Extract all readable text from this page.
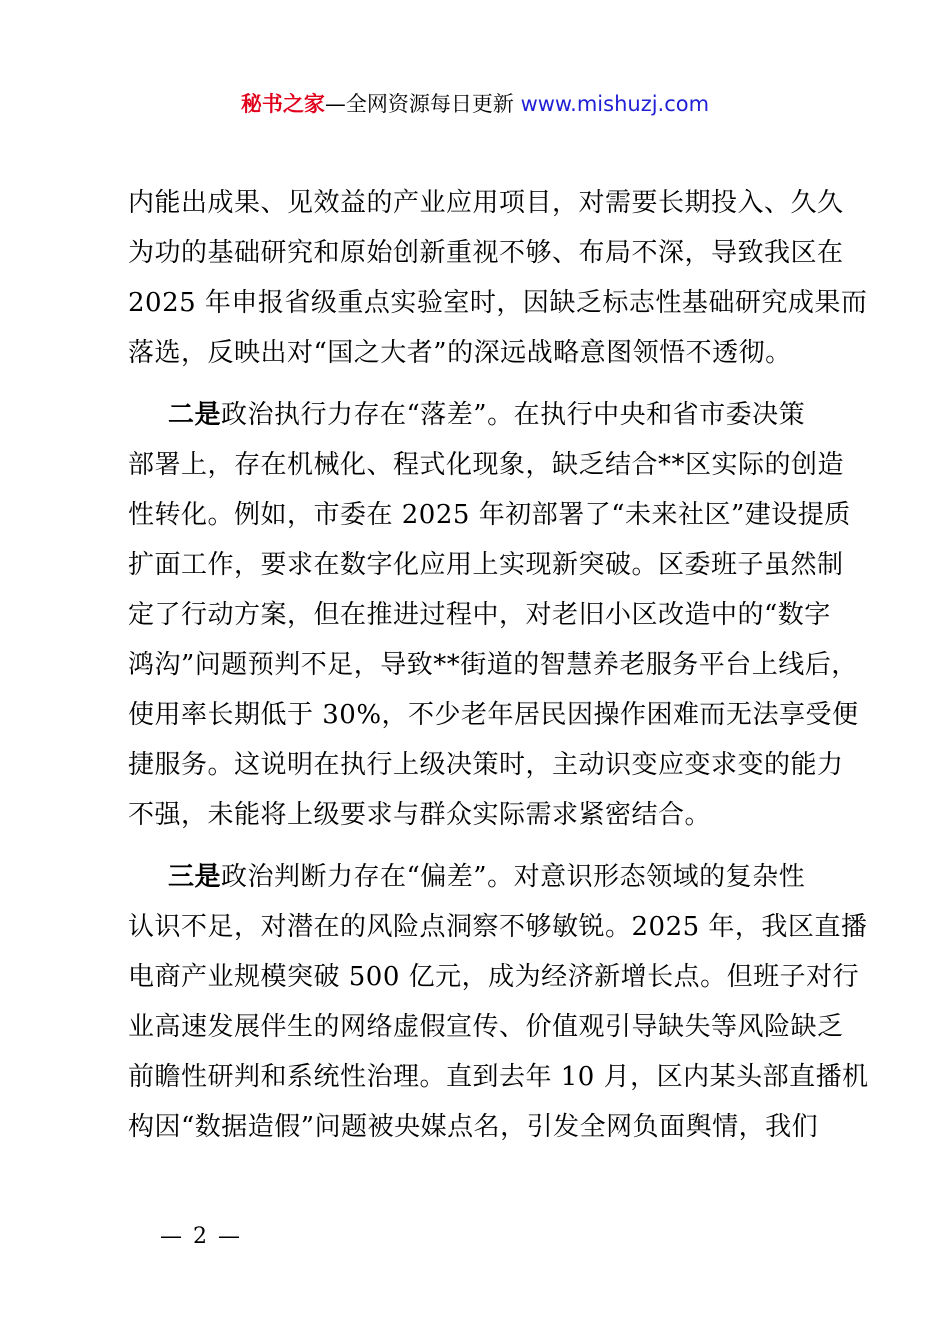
秘书之家—全网资源每日更新 www.mishuzj.com
内能出成果、见效益的产业应用项目，对需要长期投入、久久
为功的基础研究和原始创新重视不够、布局不深，导致我区在
2025 年申报省级重点实验室时，因缺乏标志性基础研究成果而
落选，反映出对“国之大者”的深远战略意图领悟不透彻。
  二是政治执行力存在“落差”。在执行中央和省市委决策
部署上，存在机械化、程式化现象，缺乏结合**区实际的创造
性转化。例如，市委在 2025 年初部署了“未来社区”建设提质
扩面工作，要求在数字化应用上实现新突破。区委班子虽然制
定了行动方案，但在推进过程中，对老旧小区改造中的“数字
鸿沟”问题预判不足，导致**街道的智慧养老服务平台上线后，
使用率长期低于 30%，不少老年居民因操作困难而无法享受便
捷服务。这说明在执行上级决策时，主动识变应变求变的能力
不强，未能将上级要求与群众实际需求紧密结合。
  三是政治判断力存在“偏差”。对意识形态领域的复杂性
认识不足，对潜在的风险点洞察不够敏锐。2025 年，我区直播
电商产业规模突破 500 亿元，成为经济新增长点。但班子对行
业高速发展伴生的网络虚假宣传、价值观引导缺失等风险缺乏
前瞻性研判和系统性治理。直到去年 10 月，区内某头部直播机
构因“数据造假”问题被央媒点名，引发全网负面舆情，我们
— 2 —
